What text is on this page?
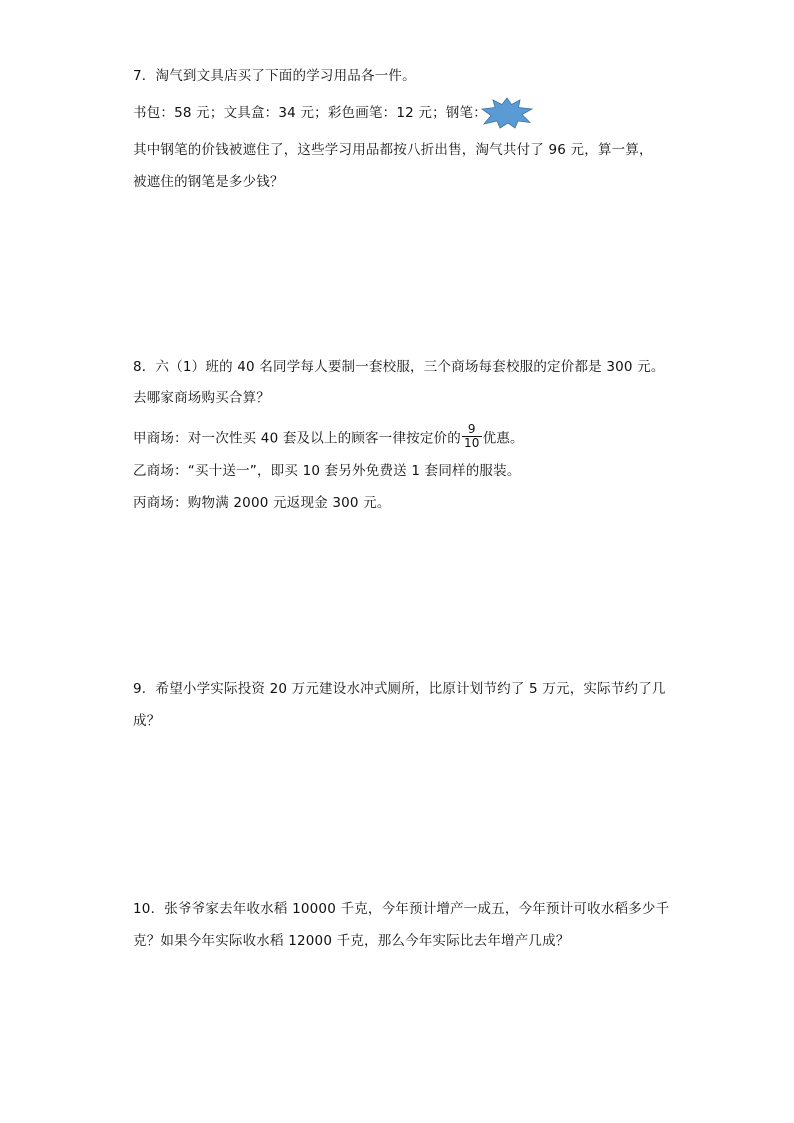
7．淘气到文具店买了下面的学习用品各一件。
书包：58 元；文具盒：34 元；彩色画笔：12 元；钢笔：
其中钢笔的价钱被遮住了，这些学习用品都按八折出售，淘气共付了 96 元，算一算，
被遮住的钢笔是多少钱？
8．六（1）班的 40 名同学每人要制一套校服，三个商场每套校服的定价都是 300 元。
去哪家商场购买合算？
甲商场：对一次性买 40 套及以上的顾客一律按定价的 $\frac{9}{10}$ 优惠。
乙商场：“买十送一”，即买 10 套另外免费送 1 套同样的服装。
丙商场：购物满 2000 元返现金 300 元。
9．希望小学实际投资 20 万元建设水冲式厕所，比原计划节约了 5 万元，实际节约了几
成？
10．张爷爷家去年收水稻 10000 千克，今年预计增产一成五，今年预计可收水稻多少千
克？如果今年实际收水稻 12000 千克，那么今年实际比去年增产几成？
